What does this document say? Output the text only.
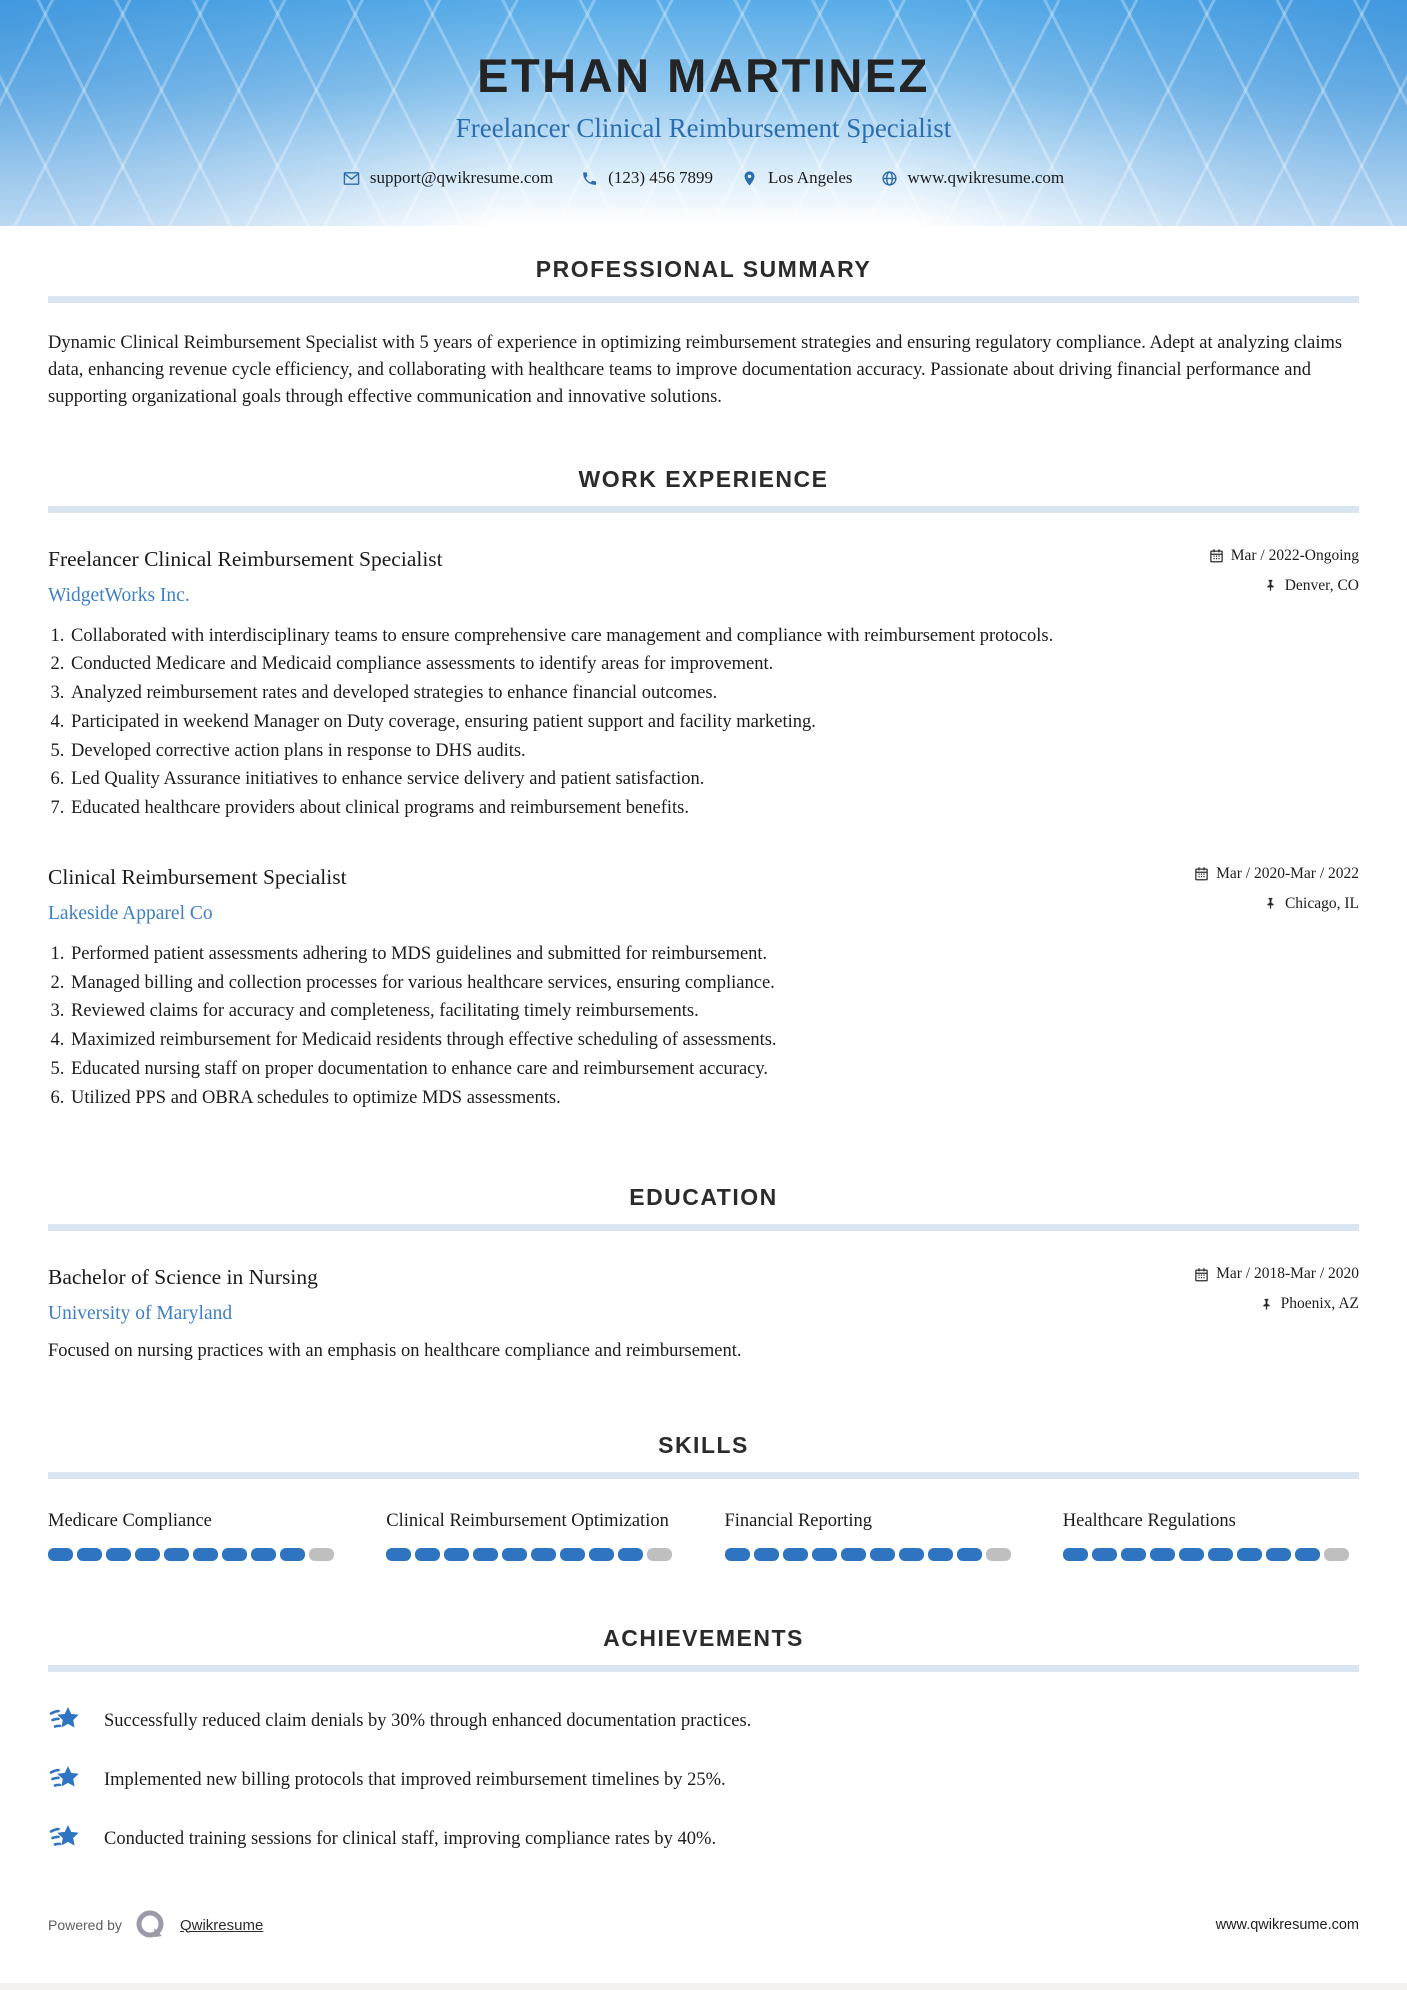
ETHAN MARTINEZ
Freelancer Clinical Reimbursement Specialist
support@qwikresume.com	(123) 456 7899	Los Angeles	www.qwikresume.com
PROFESSIONAL SUMMARY

Dynamic Clinical Reimbursement Specialist with 5 years of experience in optimizing reimbursement strategies and ensuring regulatory compliance. Adept at analyzing claims data, enhancing revenue cycle efficiency, and collaborating with healthcare teams to improve documentation accuracy. Passionate about driving financial performance and supporting organizational goals through effective communication and innovative solutions.

WORK EXPERIENCE
Freelancer Clinical Reimbursement Specialist
WidgetWorks Inc.
Mar / 2022-Ongoing
Denver, CO
1. Collaborated with interdisciplinary teams to ensure comprehensive care management and compliance with reimbursement protocols.
2. Conducted Medicare and Medicaid compliance assessments to identify areas for improvement.
3. Analyzed reimbursement rates and developed strategies to enhance financial outcomes.
4. Participated in weekend Manager on Duty coverage, ensuring patient support and facility marketing.
5. Developed corrective action plans in response to DHS audits.
6. Led Quality Assurance initiatives to enhance service delivery and patient satisfaction.
7. Educated healthcare providers about clinical programs and reimbursement benefits.
Clinical Reimbursement Specialist
Lakeside Apparel Co
Mar / 2020-Mar / 2022
Chicago, IL
1. Performed patient assessments adhering to MDS guidelines and submitted for reimbursement.
2. Managed billing and collection processes for various healthcare services, ensuring compliance.
3. Reviewed claims for accuracy and completeness, facilitating timely reimbursements.
4. Maximized reimbursement for Medicaid residents through effective scheduling of assessments.
5. Educated nursing staff on proper documentation to enhance care and reimbursement accuracy.
6. Utilized PPS and OBRA schedules to optimize MDS assessments.
EDUCATION
Bachelor of Science in Nursing
University of Maryland
Mar / 2018-Mar / 2020
Phoenix, AZ

Focused on nursing practices with an emphasis on healthcare compliance and reimbursement.

SKILLS
Medicare Compliance	Clinical Reimbursement Optimization	Financial Reporting	Healthcare Regulations
ACHIEVEMENTS
Successfully reduced claim denials by 30% through enhanced documentation practices.
Implemented new billing protocols that improved reimbursement timelines by 25%.
Conducted training sessions for clinical staff, improving compliance rates by 40%.
Powered by	Qwikresume	www.qwikresume.com
